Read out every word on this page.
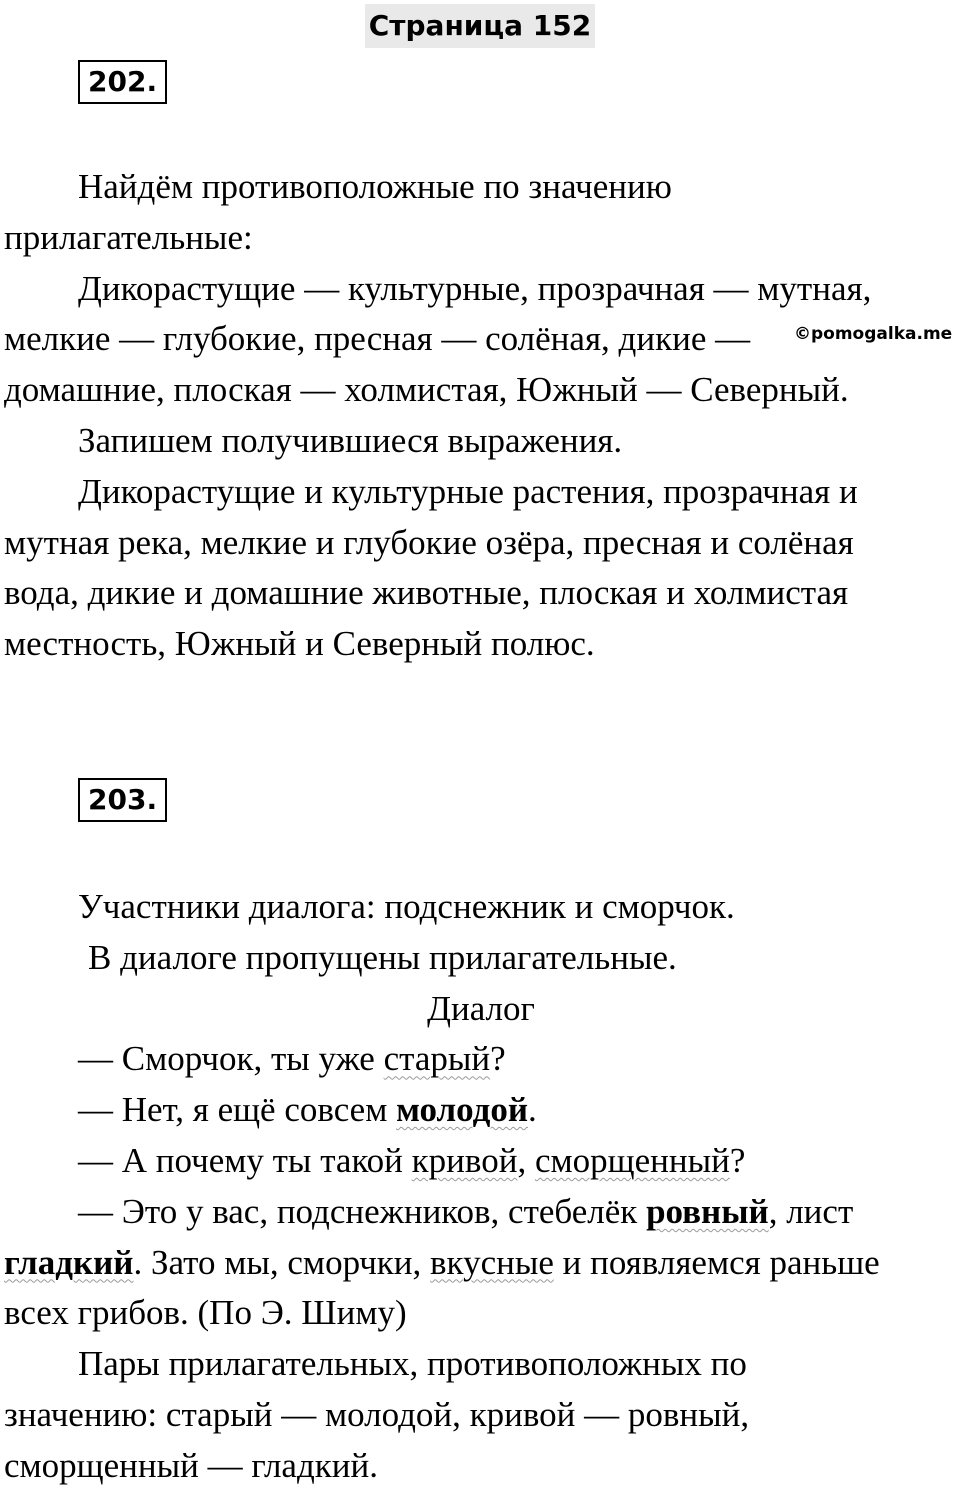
Страница 152
202.

Найдём противоположные по значению

прилагательные:

Дикорастущие — культурные, прозрачная — мутная,

мелкие — глубокие, пресная — солёная, дикие —

домашние, плоская — холмистая, Южный — Северный.

Запишем получившиеся выражения.

Дикорастущие и культурные растения, прозрачная и

мутная река, мелкие и глубокие озёра, пресная и солёная

вода, дикие и домашние животные, плоская и холмистая

местность, Южный и Северный полюс.

©pomogalka.me
203.

Участники диалога: подснежник и сморчок.

В диалоге пропущены прилагательные.

Диалог

— Сморчок, ты уже старый?

— Нет, я ещё совсем молодой.

— А почему ты такой кривой, сморщенный?

— Это у вас, подснежников, стебелёк ровный, лист

гладкий. Зато мы, сморчки, вкусные и появляемся раньше

всех грибов. (По Э. Шиму)

Пары прилагательных, противоположных по

значению: старый — молодой, кривой — ровный,

сморщенный — гладкий.
